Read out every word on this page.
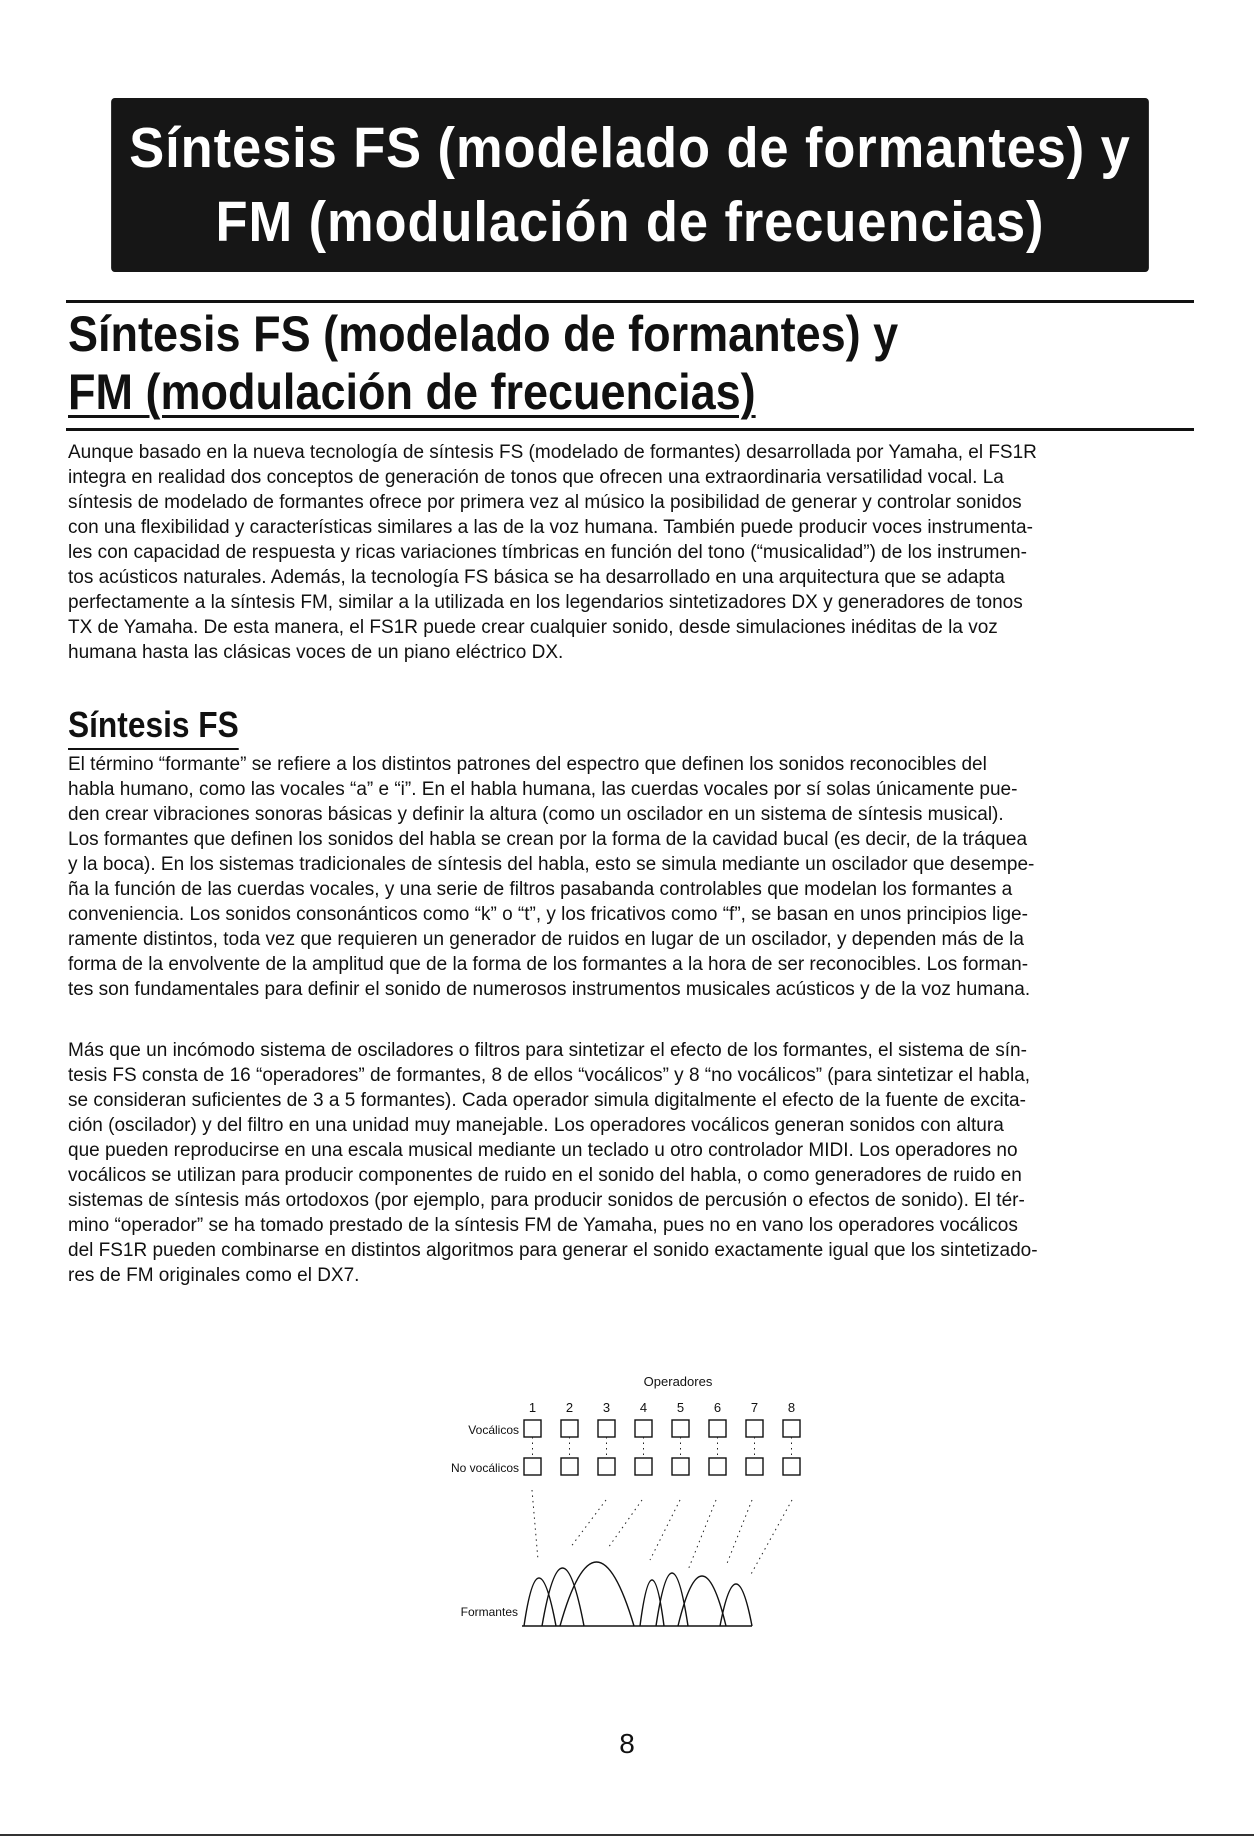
Síntesis FS (modelado de formantes) y
FM (modulación de frecuencias)
Síntesis FS (modelado de formantes) y
FM (modulación de frecuencias)
Aunque basado en la nueva tecnología de síntesis FS (modelado de formantes) desarrollada por Yamaha, el FS1R
integra en realidad dos conceptos de generación de tonos que ofrecen una extraordinaria versatilidad vocal. La
síntesis de modelado de formantes ofrece por primera vez al músico la posibilidad de generar y controlar sonidos
con una flexibilidad y características similares a las de la voz humana. También puede producir voces instrumenta-
les con capacidad de respuesta y ricas variaciones tímbricas en función del tono (“musicalidad”) de los instrumen-
tos acústicos naturales. Además, la tecnología FS básica se ha desarrollado en una arquitectura que se adapta
perfectamente a la síntesis FM, similar a la utilizada en los legendarios sintetizadores DX y generadores de tonos
TX de Yamaha. De esta manera, el FS1R puede crear cualquier sonido, desde simulaciones inéditas de la voz
humana hasta las clásicas voces de un piano eléctrico DX.
Síntesis FS
El término “formante” se refiere a los distintos patrones del espectro que definen los sonidos reconocibles del
habla humano, como las vocales “a” e “i”. En el habla humana, las cuerdas vocales por sí solas únicamente pue-
den crear vibraciones sonoras básicas y definir la altura (como un oscilador en un sistema de síntesis musical).
Los formantes que definen los sonidos del habla se crean por la forma de la cavidad bucal (es decir, de la tráquea
y la boca). En los sistemas tradicionales de síntesis del habla, esto se simula mediante un oscilador que desempe-
ña la función de las cuerdas vocales, y una serie de filtros pasabanda controlables que modelan los formantes a
conveniencia. Los sonidos consonánticos como “k” o “t”, y los fricativos como “f”, se basan en unos principios lige-
ramente distintos, toda vez que requieren un generador de ruidos en lugar de un oscilador, y dependen más de la
forma de la envolvente de la amplitud que de la forma de los formantes a la hora de ser reconocibles. Los forman-
tes son fundamentales para definir el sonido de numerosos instrumentos musicales acústicos y de la voz humana.
Más que un incómodo sistema de osciladores o filtros para sintetizar el efecto de los formantes, el sistema de sín-
tesis FS consta de 16 “operadores” de formantes, 8 de ellos “vocálicos” y 8 “no vocálicos” (para sintetizar el habla,
se consideran suficientes de 3 a 5 formantes). Cada operador simula digitalmente el efecto de la fuente de excita-
ción (oscilador) y del filtro en una unidad muy manejable. Los operadores vocálicos generan sonidos con altura
que pueden reproducirse en una escala musical mediante un teclado u otro controlador MIDI. Los operadores no
vocálicos se utilizan para producir componentes de ruido en el sonido del habla, o como generadores de ruido en
sistemas de síntesis más ortodoxos (por ejemplo, para producir sonidos de percusión o efectos de sonido). El tér-
mino “operador” se ha tomado prestado de la síntesis FM de Yamaha, pues no en vano los operadores vocálicos
del FS1R pueden combinarse en distintos algoritmos para generar el sonido exactamente igual que los sintetizado-
res de FM originales como el DX7.
Operadores
1 2 3 4 5 6 7 8
Vocálicos
No vocálicos
Formantes
8
